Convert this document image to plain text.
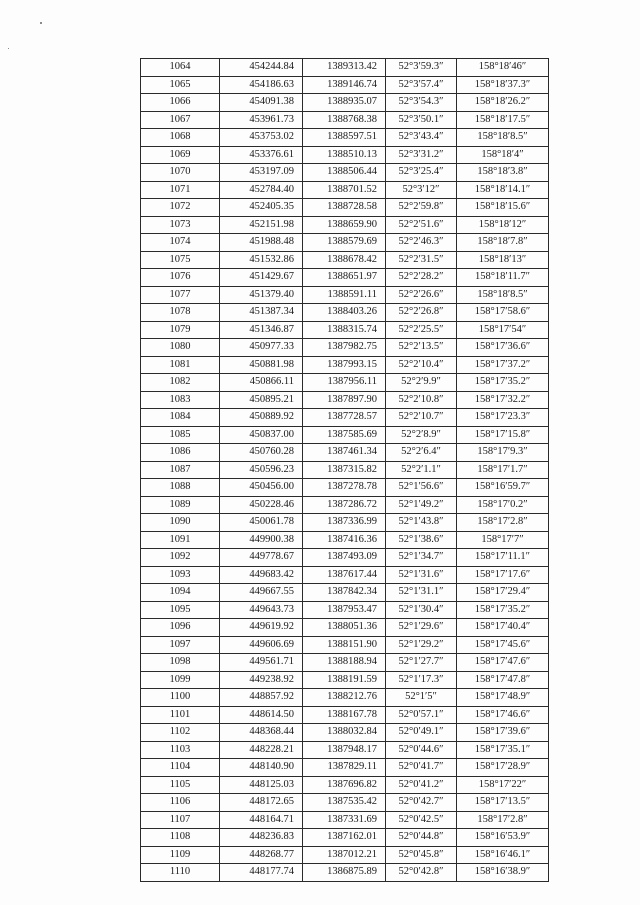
1064	454244.84	1389313.42	52°3′59.3″	158°18′46″
1065	454186.63	1389146.74	52°3′57.4″	158°18′37.3″
1066	454091.38	1388935.07	52°3′54.3″	158°18′26.2″
1067	453961.73	1388768.38	52°3′50.1″	158°18′17.5″
1068	453753.02	1388597.51	52°3′43.4″	158°18′8.5″
1069	453376.61	1388510.13	52°3′31.2″	158°18′4″
1070	453197.09	1388506.44	52°3′25.4″	158°18′3.8″
1071	452784.40	1388701.52	52°3′12″	158°18′14.1″
1072	452405.35	1388728.58	52°2′59.8″	158°18′15.6″
1073	452151.98	1388659.90	52°2′51.6″	158°18′12″
1074	451988.48	1388579.69	52°2′46.3″	158°18′7.8″
1075	451532.86	1388678.42	52°2′31.5″	158°18′13″
1076	451429.67	1388651.97	52°2′28.2″	158°18′11.7″
1077	451379.40	1388591.11	52°2′26.6″	158°18′8.5″
1078	451387.34	1388403.26	52°2′26.8″	158°17′58.6″
1079	451346.87	1388315.74	52°2′25.5″	158°17′54″
1080	450977.33	1387982.75	52°2′13.5″	158°17′36.6″
1081	450881.98	1387993.15	52°2′10.4″	158°17′37.2″
1082	450866.11	1387956.11	52°2′9.9″	158°17′35.2″
1083	450895.21	1387897.90	52°2′10.8″	158°17′32.2″
1084	450889.92	1387728.57	52°2′10.7″	158°17′23.3″
1085	450837.00	1387585.69	52°2′8.9″	158°17′15.8″
1086	450760.28	1387461.34	52°2′6.4″	158°17′9.3″
1087	450596.23	1387315.82	52°2′1.1″	158°17′1.7″
1088	450456.00	1387278.78	52°1′56.6″	158°16′59.7″
1089	450228.46	1387286.72	52°1′49.2″	158°17′0.2″
1090	450061.78	1387336.99	52°1′43.8″	158°17′2.8″
1091	449900.38	1387416.36	52°1′38.6″	158°17′7″
1092	449778.67	1387493.09	52°1′34.7″	158°17′11.1″
1093	449683.42	1387617.44	52°1′31.6″	158°17′17.6″
1094	449667.55	1387842.34	52°1′31.1″	158°17′29.4″
1095	449643.73	1387953.47	52°1′30.4″	158°17′35.2″
1096	449619.92	1388051.36	52°1′29.6″	158°17′40.4″
1097	449606.69	1388151.90	52°1′29.2″	158°17′45.6″
1098	449561.71	1388188.94	52°1′27.7″	158°17′47.6″
1099	449238.92	1388191.59	52°1′17.3″	158°17′47.8″
1100	448857.92	1388212.76	52°1′5″	158°17′48.9″
1101	448614.50	1388167.78	52°0′57.1″	158°17′46.6″
1102	448368.44	1388032.84	52°0′49.1″	158°17′39.6″
1103	448228.21	1387948.17	52°0′44.6″	158°17′35.1″
1104	448140.90	1387829.11	52°0′41.7″	158°17′28.9″
1105	448125.03	1387696.82	52°0′41.2″	158°17′22″
1106	448172.65	1387535.42	52°0′42.7″	158°17′13.5″
1107	448164.71	1387331.69	52°0′42.5″	158°17′2.8″
1108	448236.83	1387162.01	52°0′44.8″	158°16′53.9″
1109	448268.77	1387012.21	52°0′45.8″	158°16′46.1″
1110	448177.74	1386875.89	52°0′42.8″	158°16′38.9″
